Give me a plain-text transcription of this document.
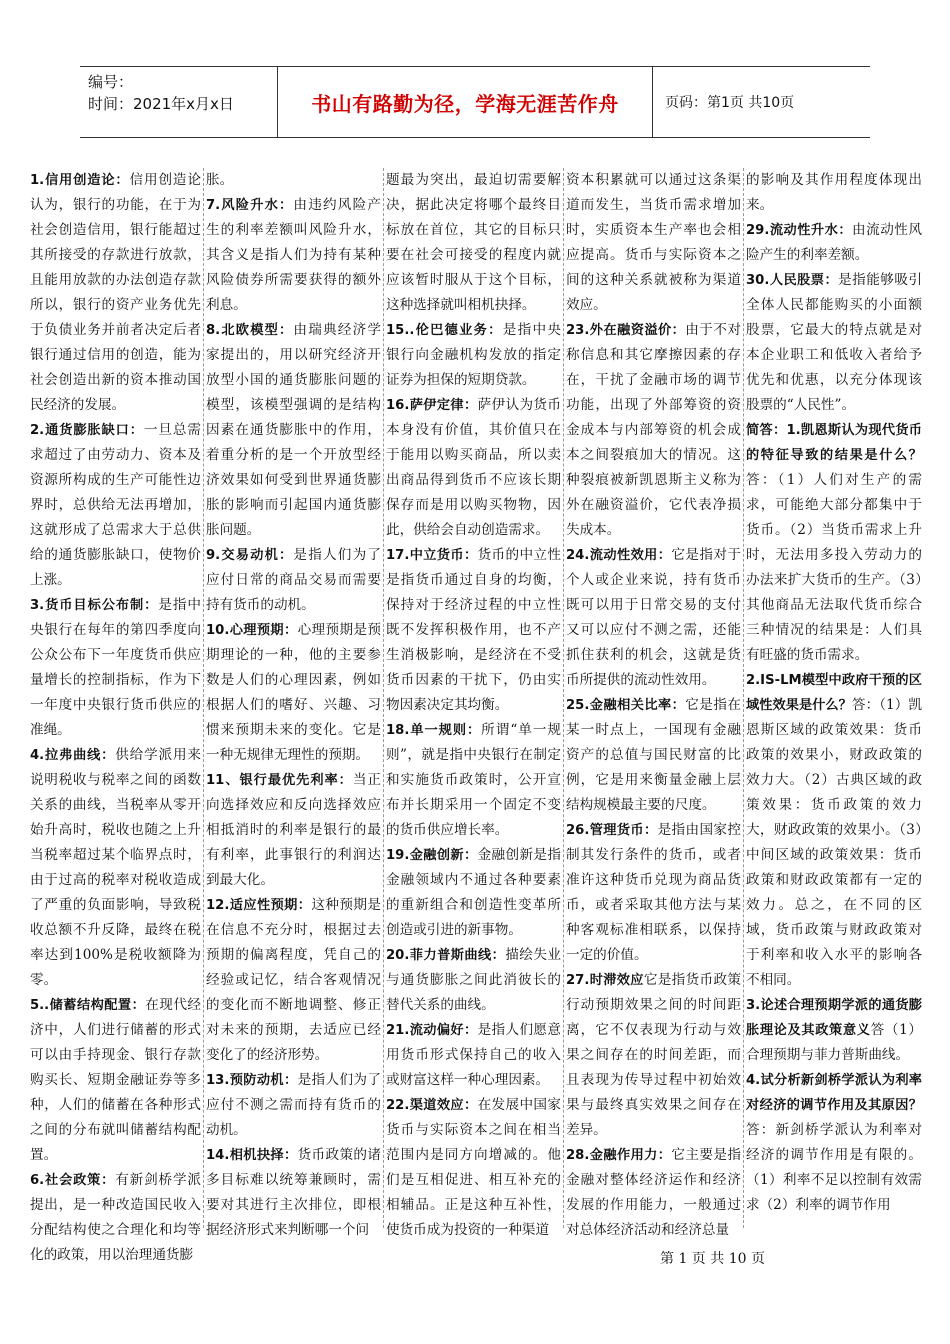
编号：
时间：2021年x月x日	书山有路勤为径，学海无涯苦作舟	页码：第1页 共10页

1.信用创造论：信用创造论认为，银行的功能，在于为社会创造信用，银行能超过其所接受的存款进行放款，且能用放款的办法创造存款所以，银行的资产业务优先于负债业务并前者决定后者银行通过信用的创造，能为社会创造出新的资本推动国民经济的发展。

2.通货膨胀缺口：一旦总需求超过了由劳动力、资本及资源所构成的生产可能性边界时，总供给无法再增加，这就形成了总需求大于总供给的通货膨胀缺口，使物价上涨。

3.货币目标公布制：是指中央银行在每年的第四季度向公众公布下一年度货币供应量增长的控制指标，作为下一年度中央银行货币供应的准绳。

4.拉弗曲线：供给学派用来说明税收与税率之间的函数关系的曲线，当税率从零开始升高时，税收也随之上升当税率超过某个临界点时，由于过高的税率对税收造成了严重的负面影响，导致税收总额不升反降，最终在税率达到100%是税收额降为零。

5..储蓄结构配置：在现代经济中，人们进行储蓄的形式可以由手持现金、银行存款购买长、短期金融证券等多种，人们的储蓄在各种形式之间的分布就叫储蓄结构配置。

6.社会政策：有新剑桥学派提出，是一种改造国民收入分配结构使之合理化和均等化的政策，用以治理通货膨

胀。

7.风险升水：由违约风险产生的利率差额叫风险升水，其含义是指人们为持有某种风险债券所需要获得的额外利息。

8.北欧模型：由瑞典经济学家提出的，用以研究经济开放型小国的通货膨胀问题的模型，该模型强调的是结构因素在通货膨胀中的作用，着重分析的是一个开放型经济效果如何受到世界通货膨胀的影响而引起国内通货膨胀问题。

9.交易动机：是指人们为了应付日常的商品交易而需要持有货币的动机。

10.心理预期：心理预期是预期理论的一种，他的主要参数是人们的心理因素，例如根据人们的嗜好、兴趣、习惯来预期未来的变化。它是一种无规律无理性的预期。

11、银行最优先利率：当正向选择效应和反向选择效应相抵消时的利率是银行的最有利率，此事银行的利润达到最大化。

12.适应性预期：这种预期是在信息不充分时，根据过去预期的偏离程度，凭自己的经验或记忆，结合客观情况的变化而不断地调整、修正对未来的预期，去适应已经变化了的经济形势。

13.预防动机：是指人们为了应付不测之需而持有货币的动机。

14.相机抉择：货币政策的诸多目标难以统筹兼顾时，需要对其进行主次排位，即根据经济形式来判断哪一个问

题最为突出，最迫切需要解决，据此决定将哪个最终目标放在首位，其它的目标只要在社会可接受的程度内就应该暂时服从于这个目标，这种选择就叫相机抉择。

15..伦巴德业务：是指中央银行向金融机构发放的指定证券为担保的短期贷款。

16.萨伊定律：萨伊认为货币本身没有价值，其价值只在于能用以购买商品，所以卖出商品得到货币不应该长期保存而是用以购买物物，因此，供给会自动创造需求。

17.中立货币：货币的中立性是指货币通过自身的均衡，保持对于经济过程的中立性既不发挥积极作用，也不产生消极影响，是经济在不受货币因素的干扰下，仍由实物因素决定其均衡。

18.单一规则：所谓“单一规则”，就是指中央银行在制定和实施货币政策时，公开宣布并长期采用一个固定不变的货币供应增长率。

19.金融创新：金融创新是指金融领域内不通过各种要素的重新组合和创造性变革所创造或引进的新事物。

20.菲力普斯曲线：描绘失业与通货膨胀之间此消彼长的替代关系的曲线。

21.流动偏好：是指人们愿意用货币形式保持自己的收入或财富这样一种心理因素。

22.渠道效应：在发展中国家货币与实际资本之间在相当范围内是同方向增减的。他们是互相促进、相互补充的相辅品。正是这种互补性，使货币成为投资的一种渠道

资本积累就可以通过这条渠道而发生，当货币需求增加时，实质资本生产率也会相应提高。货币与实际资本之间的这种关系就被称为渠道效应。

23.外在融资溢价：由于不对称信息和其它摩擦因素的存在，干扰了金融市场的调节功能，出现了外部筹资的资金成本与内部筹资的机会成本之间裂痕加大的情况。这种裂痕被新凯恩斯主义称为外在融资溢价，它代表净损失成本。

24.流动性效用：它是指对于个人或企业来说，持有货币既可以用于日常交易的支付又可以应付不测之需，还能抓住获利的机会，这就是货币所提供的流动性效用。

25.金融相关比率：它是指在某一时点上，一国现有金融资产的总值与国民财富的比例，它是用来衡量金融上层结构规模最主要的尺度。

26.管理货币：是指由国家控制其发行条件的货币，或者准许这种货币兑现为商品货币，或者采取其他方法与某种客观标准相联系，以保持一定的价值。

27.时滞效应它是指货币政策行动预期效果之间的时间距离，它不仅表现为行动与效果之间存在的时间差距，而且表现为传导过程中初始效果与最终真实效果之间存在差异。

28.金融作用力：它主要是指金融对整体经济运作和经济发展的作用能力，一般通过对总体经济活动和经济总量

的影响及其作用程度体现出来。

29.流动性升水：由流动性风险产生的利率差额。

30.人民股票：是指能够吸引全体人民都能购买的小面额股票，它最大的特点就是对本企业职工和低收入者给予优先和优惠，以充分体现该股票的“人民性”。

简答：1.凯恩斯认为现代货币的特征导致的结果是什么？答：（1）人们对生产的需求，可能绝大部分都集中于货币。（2）当货币需求上升时，无法用多投入劳动力的办法来扩大货币的生产。（3）其他商品无法取代货币综合三种情况的结果是：人们具有旺盛的货币需求。

2.IS-LM模型中政府干预的区域性效果是什么？答：（1）凯恩斯区域的政策效果：货币政策的效果小，财政政策的效力大。（2）古典区域的政策效果：货币政策的效力大，财政政策的效果小。（3）中间区域的政策效果：货币政策和财政政策都有一定的效力。总之，在不同的区域，货币政策与财政政策对于利率和收入水平的影响各不相同。

3.论述合理预期学派的通货膨胀理论及其政策意义答（1）合理预期与菲力普斯曲线。

4.试分析新剑桥学派认为利率对经济的调节作用及其原因？答：新剑桥学派认为利率对经济的调节作用是有限的。（1）利率不足以控制有效需求（2）利率的调节作用

第 1 页 共 10 页
